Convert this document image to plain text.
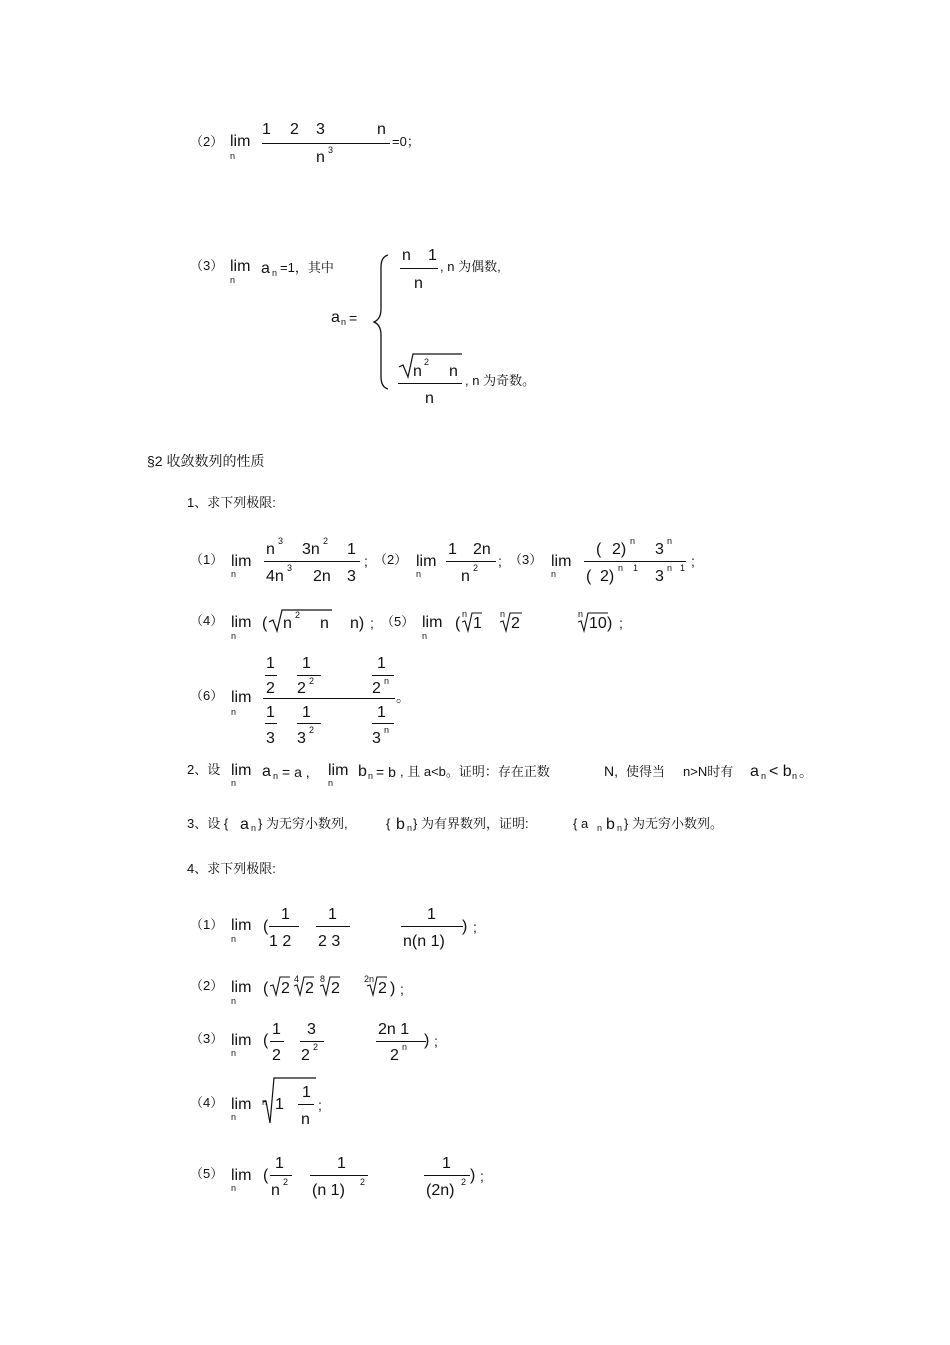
（2） lim
n
1 2 3	n
n 3
=0；
（3） lim
n
a n =1，其中
a n =
n 1
n
, n 为偶数,
n
2
n
n
, n 为奇数。
§2 收敛数列的性质
1、求下列极限:
（1） lim
n
n 3 3n 2 1
4n 3 2n 3
; （2） lim
n
1 2n
n 2 ; （3） lim
n
( 2) n 3 n
( 2) n 1 3 n 1 ;
（4） lim
n
( n 2 n n) ; （5） lim
n
(
n
1
n
2
n
10 ) ;
（6） lim
n
1
2
1
2 2
1
2 n
1
3
1
3 2
1
3 n
。
2、设 lim
n
a n = a , lim
n
b n = b , 且 a<b。证明：存在正数	N, 使得当 n>N时有 a n < b n 。
3、设 { a n } 为无穷小数列,	{ b n } 为有界数列，证明:	{ a n b n } 为无穷小数列。
4、求下列极限:
（1） lim
n
(
1
1 2
1
2 3
1
n(n 1)
) ;
（2） lim
n
( 2
4
2
8
2
2n
2 ) ;
（3） lim
n
(
1
2
3
2 2
2n 1
2 n ) ;
（4） lim
n
n 1
1
n
;
（5） lim
n
(
1
n 2
1
(n 1) 2
1
(2n) 2 ) ;
